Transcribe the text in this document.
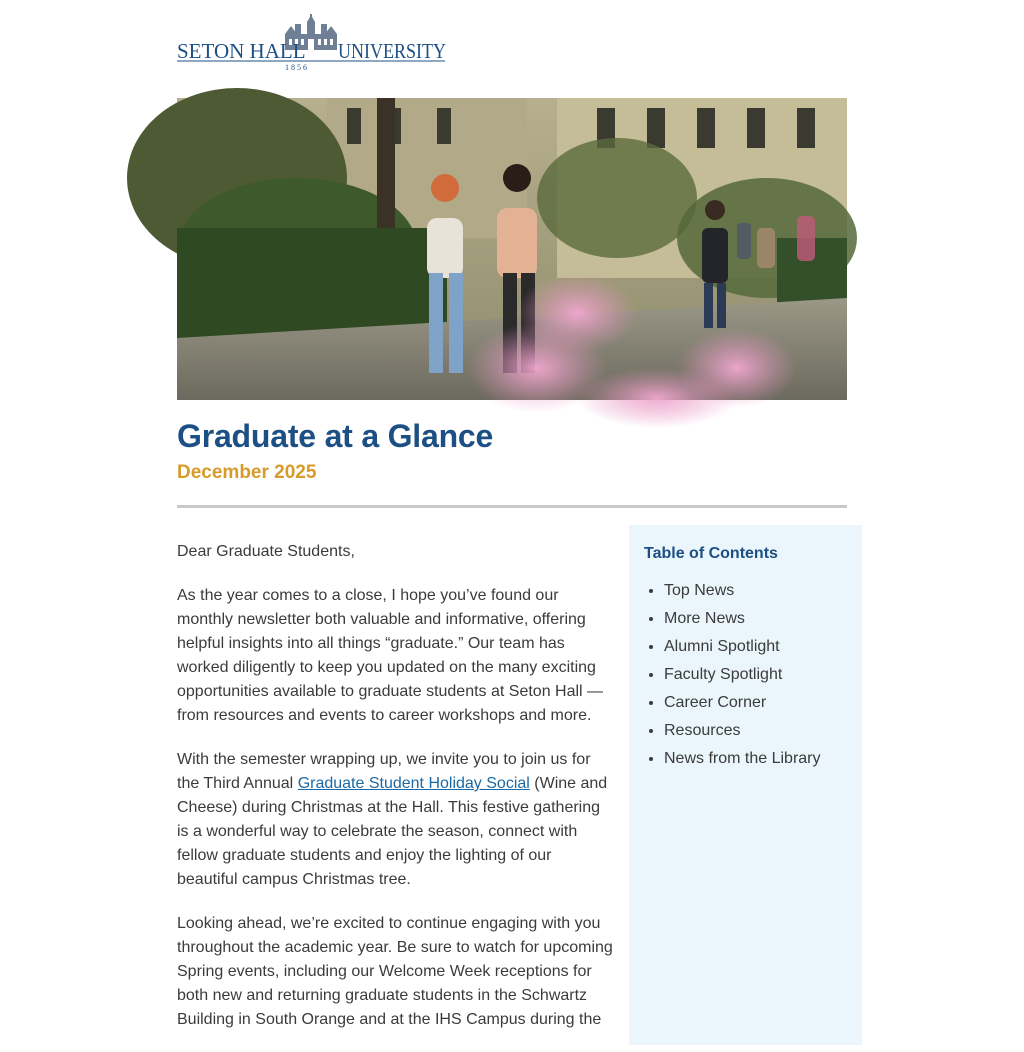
SETON HALL UNIVERSITY
1 8 5 6
Graduate at a Glance
December 2025

Dear Graduate Students,

As the year comes to a close, I hope you’ve found our monthly newsletter both valuable and informative, offering helpful insights into all things “graduate.” Our team has worked diligently to keep you updated on the many exciting opportunities available to graduate students at Seton Hall — from resources and events to career workshops and more.

With the semester wrapping up, we invite you to join us for the Third Annual Graduate Student Holiday Social (Wine and Cheese) during Christmas at the Hall. This festive gathering is a wonderful way to celebrate the season, connect with fellow graduate students and enjoy the lighting of our beautiful campus Christmas tree.

Looking ahead, we’re excited to continue engaging with you throughout the academic year. Be sure to watch for upcoming Spring events, including our Welcome Week receptions for both new and returning graduate students in the Schwartz Building in South Orange and at the IHS Campus during the

Table of Contents
• Top News
• More News
• Alumni Spotlight
• Faculty Spotlight
• Career Corner
• Resources
• News from the Library
